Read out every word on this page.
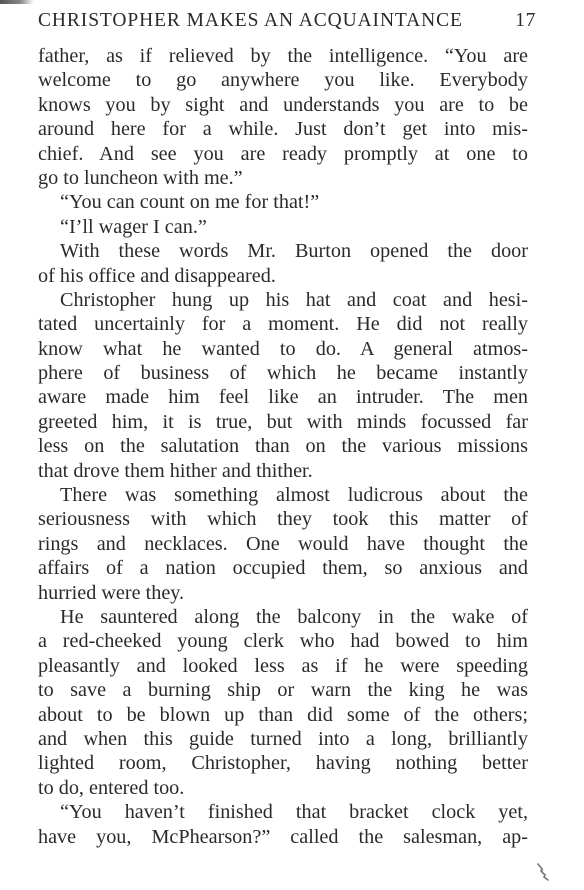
CHRISTOPHER MAKES AN ACQUAINTANCE	17
father, as if relieved by the intelligence. “You are
welcome to go anywhere you like. Everybody
knows you by sight and understands you are to be
around here for a while. Just don’t get into mis-
chief. And see you are ready promptly at one to
go to luncheon with me.”
“You can count on me for that!”
“I’ll wager I can.”
With these words Mr. Burton opened the door
of his office and disappeared.
Christopher hung up his hat and coat and hesi-
tated uncertainly for a moment. He did not really
know what he wanted to do. A general atmos-
phere of business of which he became instantly
aware made him feel like an intruder. The men
greeted him, it is true, but with minds focussed far
less on the salutation than on the various missions
that drove them hither and thither.
There was something almost ludicrous about the
seriousness with which they took this matter of
rings and necklaces. One would have thought the
affairs of a nation occupied them, so anxious and
hurried were they.
He sauntered along the balcony in the wake of
a red-cheeked young clerk who had bowed to him
pleasantly and looked less as if he were speeding
to save a burning ship or warn the king he was
about to be blown up than did some of the others;
and when this guide turned into a long, brilliantly
lighted room, Christopher, having nothing better
to do, entered too.
“You haven’t finished that bracket clock yet,
have you, McPhearson?” called the salesman, ap-
